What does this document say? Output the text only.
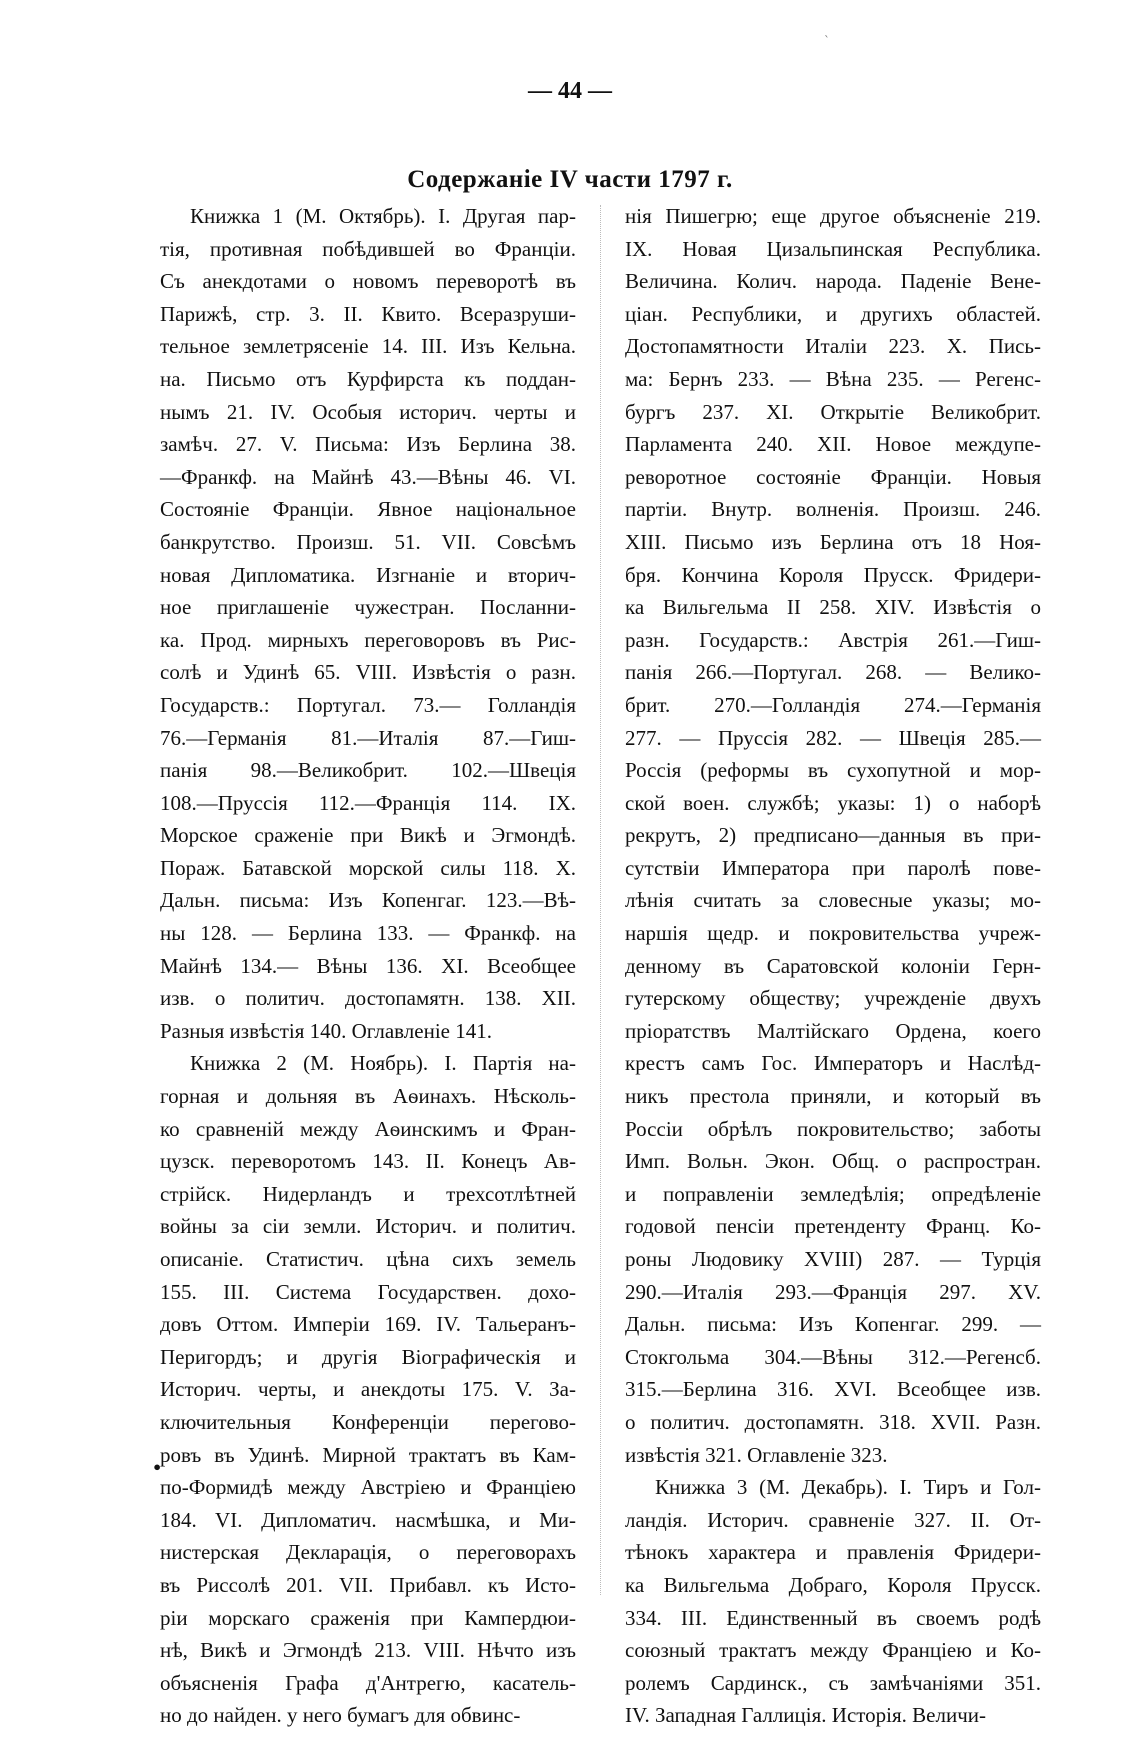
ˋ
— 44 —
Содержаніе IV части 1797 г.
•
Книжка 1 (М. Октябрь). I. Другая пар-
тія, противная побѣдившей во Франціи.
Съ анекдотами о новомъ переворотѣ въ
Парижѣ, стр. 3. II. Квито. Всеразруши-
тельное землетрясеніе 14. III. Изъ Кельна.
на. Письмо отъ Курфирста къ поддан-
нымъ 21. IV. Особыя историч. черты и
замѣч. 27. V. Письма: Изъ Берлина 38.
—Франкф. на Майнѣ 43.—Вѣны 46. VI.
Состояніе Франціи. Явное національное
банкрутство. Произш. 51. VII. Совсѣмъ
новая Дипломатика. Изгнаніе и вторич-
ное приглашеніе чужестран. Посланни-
ка. Прод. мирныхъ переговоровъ въ Рис-
солѣ и Удинѣ 65. VIII. Извѣстія о разн.
Государств.: Португал. 73.— Голландія
76.—Германія 81.—Италія 87.—Гиш-
панія 98.—Великобрит. 102.—Швеція
108.—Пруссія 112.—Франція 114. IX.
Морское сраженіе при Викѣ и Эгмондѣ.
Пораж. Батавской морской силы 118. X.
Дальн. письма: Изъ Копенгаг. 123.—Вѣ-
ны 128. — Берлина 133. — Франкф. на
Майнѣ 134.— Вѣны 136. XI. Всеобщее
изв. о политич. достопамятн. 138. XII.
Разныя извѣстія 140. Оглавленіе 141.
Книжка 2 (М. Ноябрь). I. Партія на-
горная и дольняя въ Аѳинахъ. Нѣсколь-
ко сравненій между Аѳинскимъ и Фран-
цузск. переворотомъ 143. II. Конецъ Ав-
стрійск. Нидерландъ и трехсотлѣтней
войны за сіи земли. Историч. и политич.
описаніе. Статистич. цѣна сихъ земель
155. III. Система Государствен. дохо-
довъ Оттом. Имперіи 169. IV. Тальеранъ-
Перигордъ; и другія Віографическія и
Историч. черты, и анекдоты 175. V. За-
ключительныя Конференціи перегово-
ровъ въ Удинѣ. Мирной трактатъ въ Кам-
по-Формидѣ между Австріею и Франціею
184. VI. Дипломатич. насмѣшка, и Ми-
нистерская Декларація, о переговорахъ
въ Риссолѣ 201. VII. Прибавл. къ Исто-
ріи морскаго сраженія при Кампердюи-
нѣ, Викѣ и Эгмондѣ 213. VIII. Нѣчто изъ
объясненія Графа д'Антрегю, касатель-
но до найден. у него бумагъ для обвинс-
нія Пишегрю; еще другое объясненіе 219.
IX. Новая Цизальпинская Республика.
Величина. Колич. народа. Паденіе Вене-
ціан. Республики, и другихъ областей.
Достопамятности Италіи 223. X. Пись-
ма: Бернъ 233. — Вѣна 235. — Регенс-
бургъ 237. XI. Открытіе Великобрит.
Парламента 240. XII. Новое междупе-
реворотное состояніе Франціи. Новыя
партіи. Внутр. волненія. Произш. 246.
XIII. Письмо изъ Берлина отъ 18 Ноя-
бря. Кончина Короля Прусск. Фридери-
ка Вильгельма II 258. XIV. Извѣстія о
разн. Государств.: Австрія 261.—Гиш-
панія 266.—Португал. 268. — Велико-
брит. 270.—Голландія 274.—Германія
277. — Пруссія 282. — Швеція 285.—
Россія (реформы въ сухопутной и мор-
ской воен. службѣ; указы: 1) о наборѣ
рекрутъ, 2) предписано—данныя въ при-
сутствіи Императора при паролѣ пове-
лѣнія считать за словесные указы; мо-
наршія щедр. и покровительства учреж-
денному въ Саратовской колоніи Герн-
гутерскому обществу; учрежденіе двухъ
пріоратствъ Малтійскаго Ордена, коего
крестъ самъ Гос. Императоръ и Наслѣд-
никъ престола приняли, и который въ
Россіи обрѣлъ покровительство; заботы
Имп. Вольн. Экон. Общ. о распростран.
и поправленіи земледѣлія; опредѣленіе
годовой пенсіи претенденту Франц. Ко-
роны Людовику XVIII) 287. — Турція
290.—Италія 293.—Франція 297. XV.
Дальн. письма: Изъ Копенгаг. 299. —
Стокгольма 304.—Вѣны 312.—Регенсб.
315.—Берлина 316. XVI. Всеобщее изв.
о политич. достопамятн. 318. XVII. Разн.
извѣстія 321. Оглавленіе 323.
Книжка 3 (М. Декабрь). I. Тиръ и Гол-
ландія. Историч. сравненіе 327. II. От-
тѣнокъ характера и правленія Фридери-
ка Вильгельма Добраго, Короля Прусск.
334. III. Единственный въ своемъ родѣ
союзный трактатъ между Франціею и Ко-
ролемъ Сардинск., съ замѣчаніями 351.
IV. Западная Галлиція. Исторія. Величи-
